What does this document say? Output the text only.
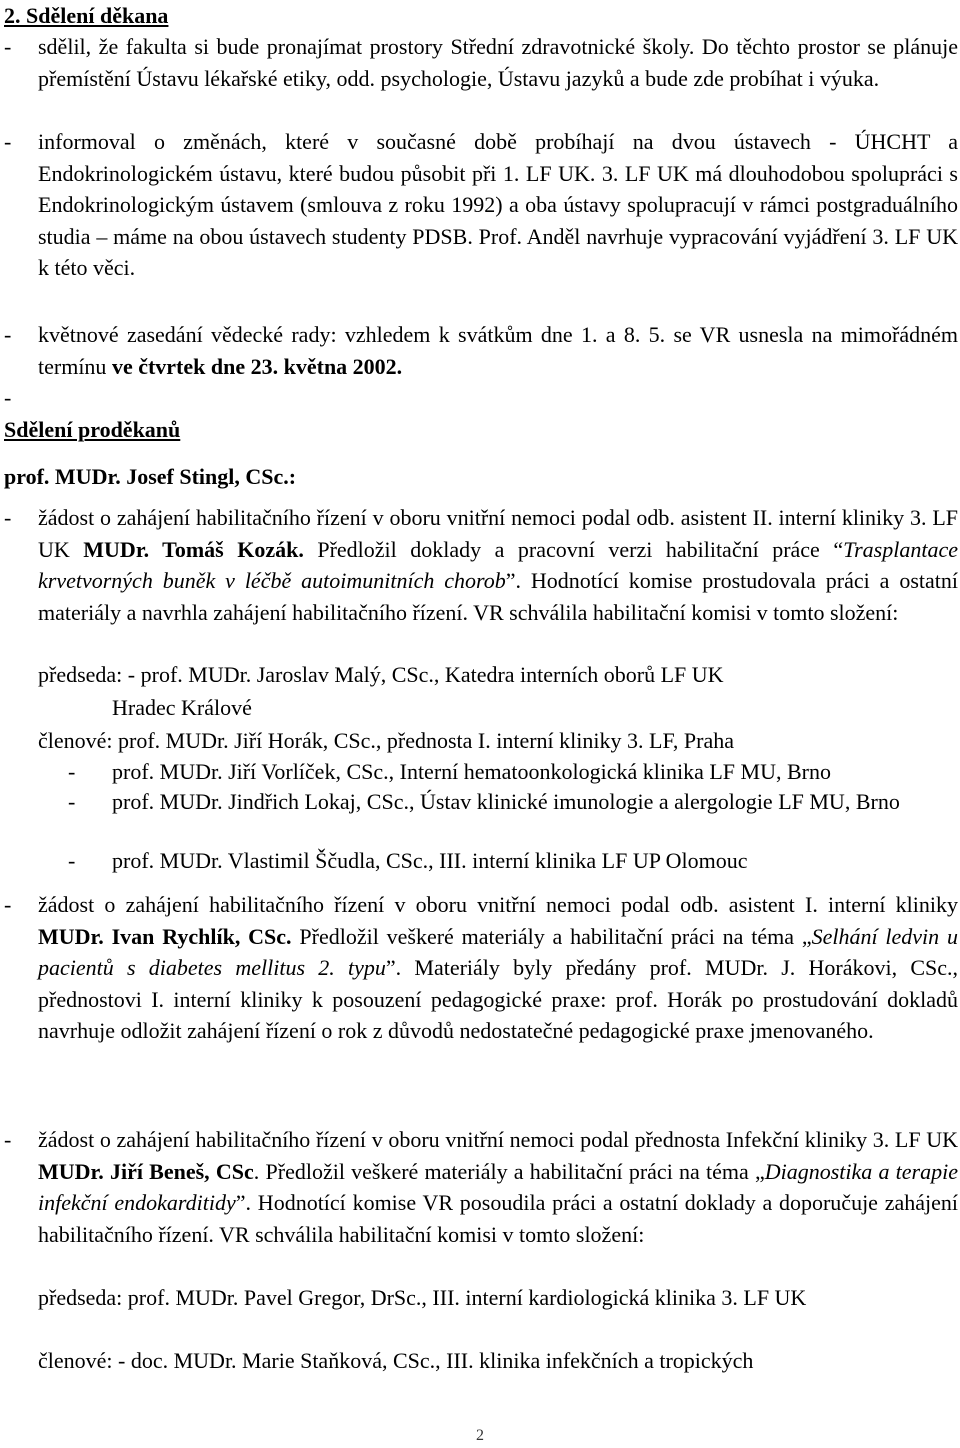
2. Sdělení děkana
- sdělil, že fakulta si bude pronajímat prostory Střední zdravotnické školy. Do těchto prostor se plánuje přemístění Ústavu lékařské etiky, odd. psychologie, Ústavu jazyků a bude zde probíhat i výuka.

- informoval o změnách, které v současné době probíhají na dvou ústavech - ÚHCHT a Endokrinologickém ústavu, které budou působit při 1. LF UK. 3. LF UK má dlouhodobou spolupráci s Endokrinologickým ústavem (smlouva z roku 1992) a oba ústavy spolupracují v rámci postgraduálního studia – máme na obou ústavech studenty PDSB. Prof. Anděl navrhuje vypracování vyjádření 3. LF UK k této věci.

- květnové zasedání vědecké rady: vzhledem k svátkům dne 1. a 8. 5. se VR usnesla na mimořádném termínu ve čtvrtek dne 23. května 2002.

-
Sdělení proděkanů
prof. MUDr. Josef Stingl, CSc.:
- žádost o zahájení habilitačního řízení v oboru vnitřní nemoci podal odb. asistent II. interní kliniky 3. LF UK MUDr. Tomáš Kozák. Předložil doklady a pracovní verzi habilitační práce “Trasplantace krvetvorných buněk v léčbě autoimunitních chorob”. Hodnotící komise prostudovala práci a ostatní materiály a navrhla zahájení habilitačního řízení. VR schválila habilitační komisi v tomto složení:

předseda: - prof. MUDr. Jaroslav Malý, CSc., Katedra interních oborů LF UK

Hradec Králové

členové: prof. MUDr. Jiří Horák, CSc., přednosta I. interní kliniky 3. LF, Praha

- prof. MUDr. Jiří Vorlíček, CSc., Interní hematoonkologická klinika LF MU, Brno

- prof. MUDr. Jindřich Lokaj, CSc., Ústav klinické imunologie a alergologie LF MU, Brno

- prof. MUDr. Vlastimil Ščudla, CSc., III. interní klinika LF UP Olomouc

- žádost o zahájení habilitačního řízení v oboru vnitřní nemoci podal odb. asistent I. interní kliniky MUDr. Ivan Rychlík, CSc. Předložil veškeré materiály a habilitační práci na téma „Selhání ledvin u pacientů s diabetes mellitus 2. typu”. Materiály byly předány prof. MUDr. J. Horákovi, CSc., přednostovi I. interní kliniky k posouzení pedagogické praxe: prof. Horák po prostudování dokladů navrhuje odložit zahájení řízení o rok z důvodů nedostatečné pedagogické praxe jmenovaného.

- žádost o zahájení habilitačního řízení v oboru vnitřní nemoci podal přednosta Infekční kliniky 3. LF UK MUDr. Jiří Beneš, CSc. Předložil veškeré materiály a habilitační práci na téma „Diagnostika a terapie infekční endokarditidy”. Hodnotící komise VR posoudila práci a ostatní doklady a doporučuje zahájení habilitačního řízení. VR schválila habilitační komisi v tomto složení:

předseda: prof. MUDr. Pavel Gregor, DrSc., III. interní kardiologická klinika 3. LF UK

členové: - doc. MUDr. Marie Staňková, CSc., III. klinika infekčních a tropických

2
